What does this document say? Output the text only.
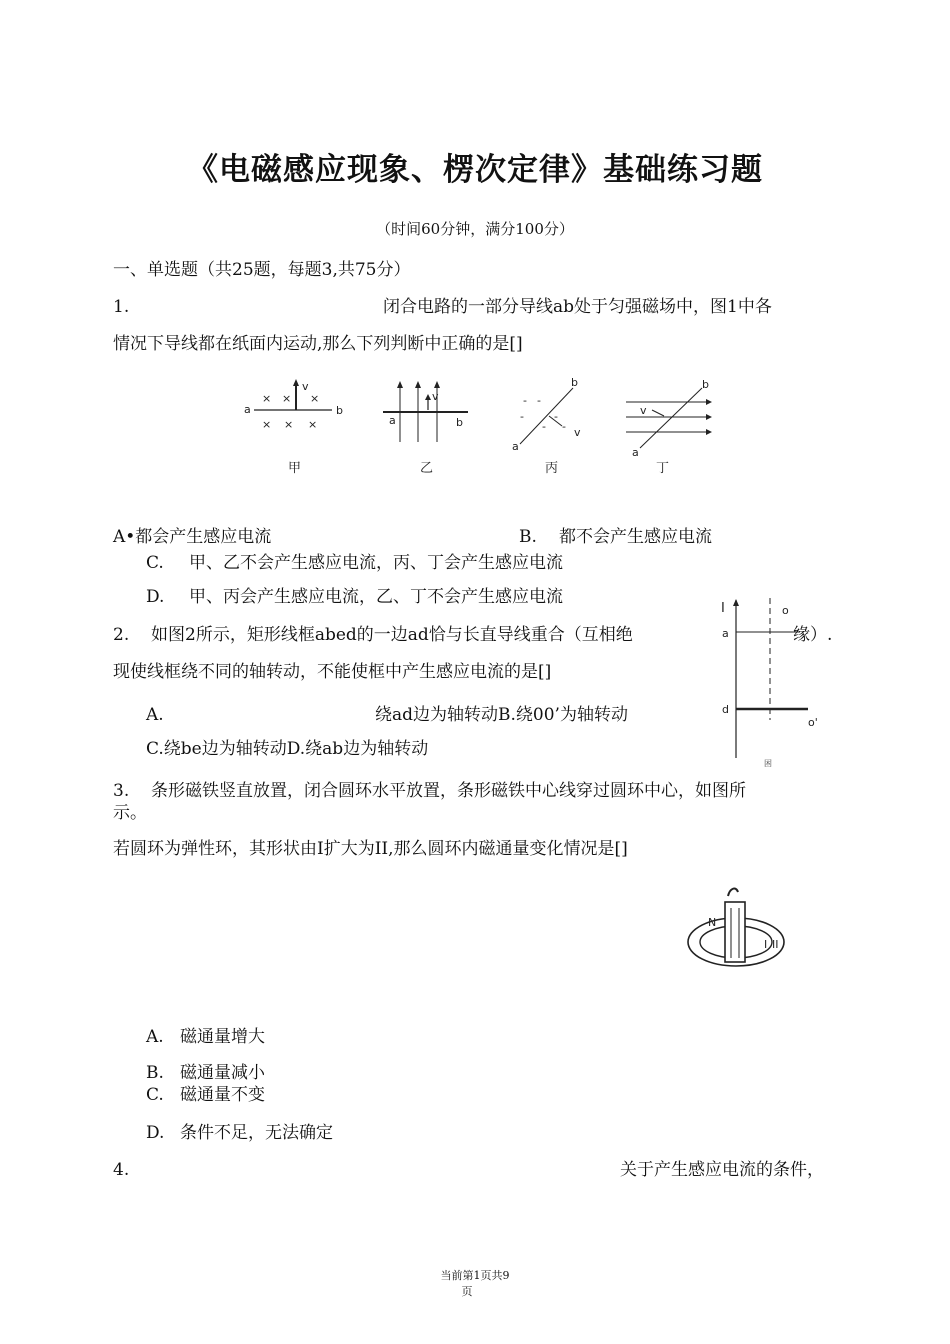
《电磁感应现象、楞次定律》基础练习题
（时间60分钟，满分100分）
一、单选题（共25题，每题3,共75分）
1.	闭合电路的一部分导线ab处于匀强磁场中，图1中各
情况下导线都在纸面内运动,那么下列判断中正确的是[]
a	b
× × ×
× × ×
v
甲
v
a	b
乙
b
a
- -
-	-
- - v
丙
b
a
v
丁
A•都会产生感应电流	B. 都不会产生感应电流
C. 甲、乙不会产生感应电流，丙、丁会产生感应电流
D. 甲、丙会产生感应电流，乙、丁不会产生感应电流
2. 如图2所示，矩形线框abed的一边ad恰与长直导线重合（互相绝	缘）.
现使线框绕不同的轴转动，不能使框中产生感应电流的是[]
A.	绕ad边为轴转动B.绕00’为轴转动
C.绕be边为轴转动D.绕ab边为轴转动
I
a
o
d
o'
困
3. 条形磁铁竖直放置，闭合圆环水平放置，条形磁铁中心线穿过圆环中心，如图所
示。
若圆环为弹性环，其形状由I扩大为II,那么圆环内磁通量变化情况是[]
N
I II
A. 磁通量增大
B. 磁通量减小
C. 磁通量不变
D. 条件不足，无法确定
4.	关于产生感应电流的条件，
当前第1页共9
页
